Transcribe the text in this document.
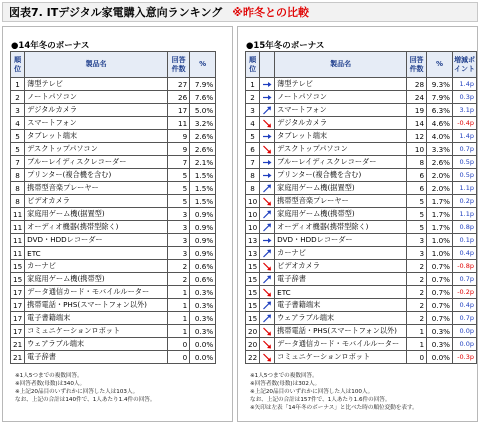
図表7. ITデジタル家電購入意向ランキング ※昨冬との比較
●14年冬のボーナス
順位	製品名	回答件数	%
1	薄型テレビ	27	7.9%
2	ノートパソコン	26	7.6%
3	デジタルカメラ	17	5.0%
4	スマートフォン	11	3.2%
5	タブレット端末	9	2.6%
5	デスクトップパソコン	9	2.6%
7	ブルーレイディスクレコーダー	7	2.1%
8	プリンター(複合機を含む)	5	1.5%
8	携帯型音楽プレーヤー	5	1.5%
8	ビデオカメラ	5	1.5%
11	家庭用ゲーム機(据置型)	3	0.9%
11	オーディオ機器(携帯型除く)	3	0.9%
11	DVD・HDDレコーダー	3	0.9%
11	ETC	3	0.9%
15	カーナビ	2	0.6%
15	家庭用ゲーム機(携帯型)	2	0.6%
17	データ通信カード・モバイルルーター	1	0.3%
17	携帯電話・PHS(スマートフォン以外)	1	0.3%
17	電子書籍端末	1	0.3%
17	コミュニケーションロボット	1	0.3%
21	ウェアラブル端末	0	0.0%
21	電子辞書	0	0.0%
※1人5つまでの複数回答。
※回答者数(母数)は340人。
※上記20品目のいずれかに回答した人は103人。
なお、上記の合計は140件で、1人あたり1.4件の回答。
●15年冬のボーナス
順位		製品名	回答件数	%	増減ポイント
1		薄型テレビ	28	9.3%	1.4p
2		ノートパソコン	24	7.9%	0.3p
3		スマートフォン	19	6.3%	3.1p
4		デジタルカメラ	14	4.6%	-0.4p
5		タブレット端末	12	4.0%	1.4p
6		デスクトップパソコン	10	3.3%	0.7p
7		ブルーレイディスクレコーダー	8	2.6%	0.5p
8		プリンター(複合機を含む)	6	2.0%	0.5p
8		家庭用ゲーム機(据置型)	6	2.0%	1.1p
10		携帯型音楽プレーヤー	5	1.7%	0.2p
10		家庭用ゲーム機(携帯型)	5	1.7%	1.1p
10		オーディオ機器(携帯型除く)	5	1.7%	0.8p
13		DVD・HDDレコーダー	3	1.0%	0.1p
13		カーナビ	3	1.0%	0.4p
15		ビデオカメラ	2	0.7%	-0.8p
15		電子辞書	2	0.7%	0.7p
15		ETC	2	0.7%	-0.2p
15		電子書籍端末	2	0.7%	0.4p
15		ウェアラブル端末	2	0.7%	0.7p
20		携帯電話・PHS(スマートフォン以外)	1	0.3%	0.0p
20		データ通信カード・モバイルルーター	1	0.3%	0.0p
22		コミュニケーションロボット	0	0.0%	-0.3p
※1人5つまでの複数回答。
※回答者数(母数)は302人。
※上記20品目のいずれかに回答した人は100人。
なお、上記の合計は157件で、1人あたり1.6件の回答。
※矢印は左表「14年冬のボーナス」と比べた時の順位変動を表す。
